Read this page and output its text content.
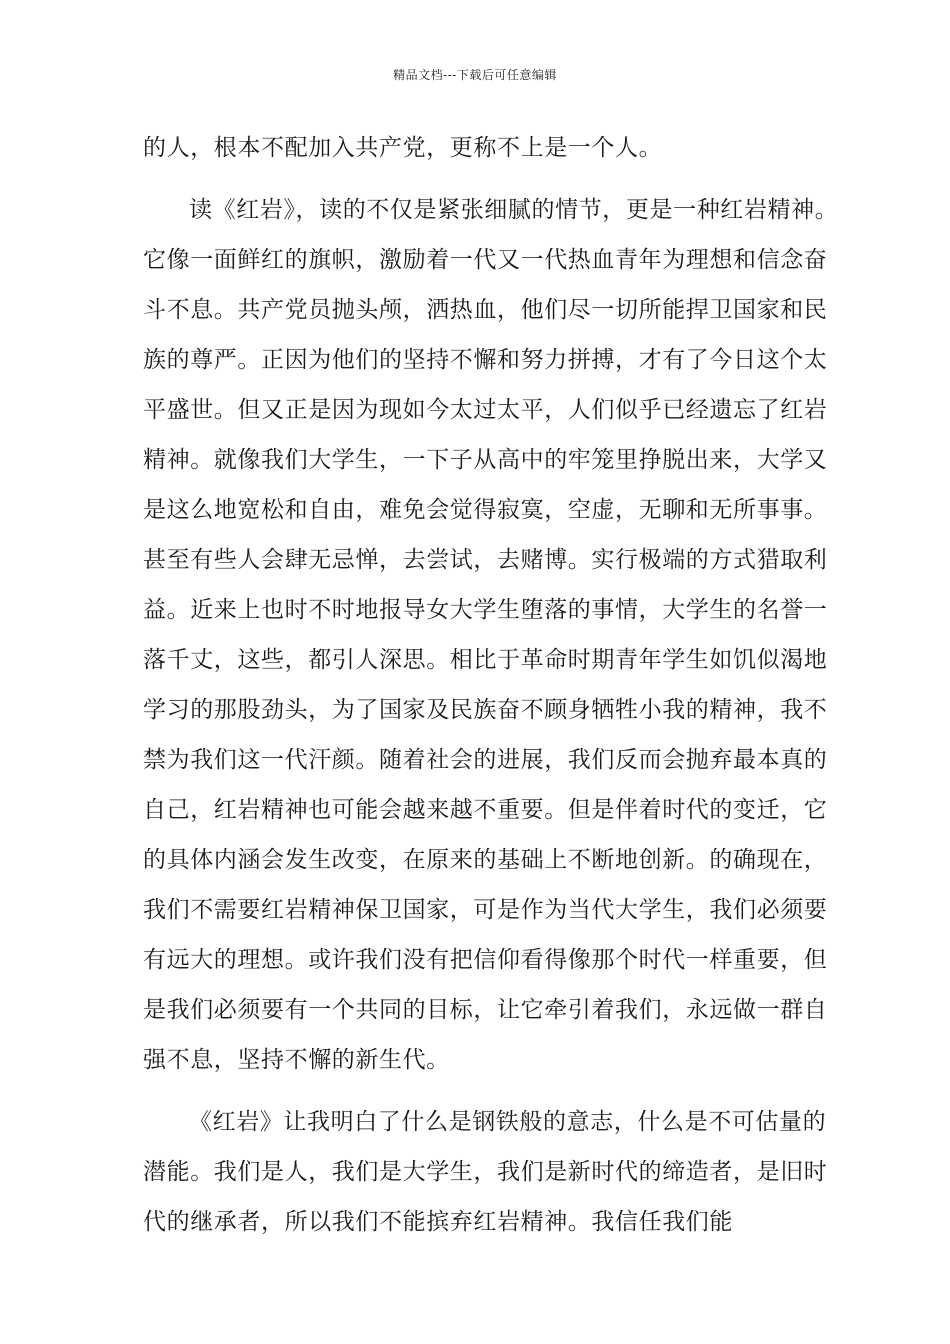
精品文档---下载后可任意编辑
的人，根本不配加入共产党，更称不上是一个人。
读《红岩》，读的不仅是紧张细腻的情节，更是一种红岩精神。
它像一面鲜红的旗帜，激励着一代又一代热血青年为理想和信念奋
斗不息。共产党员抛头颅，洒热血，他们尽一切所能捍卫国家和民
族的尊严。正因为他们的坚持不懈和努力拼搏，才有了今日这个太
平盛世。但又正是因为现如今太过太平，人们似乎已经遗忘了红岩
精神。就像我们大学生，一下子从高中的牢笼里挣脱出来，大学又
是这么地宽松和自由，难免会觉得寂寞，空虚，无聊和无所事事。
甚至有些人会肆无忌惮，去尝试，去赌博。实行极端的方式猎取利
益。近来上也时不时地报导女大学生堕落的事情，大学生的名誉一
落千丈，这些，都引人深思。相比于革命时期青年学生如饥似渴地
学习的那股劲头，为了国家及民族奋不顾身牺牲小我的精神，我不
禁为我们这一代汗颜。随着社会的进展，我们反而会抛弃最本真的
自己，红岩精神也可能会越来越不重要。但是伴着时代的变迁，它
的具体内涵会发生改变，在原来的基础上不断地创新。的确现在，
我们不需要红岩精神保卫国家，可是作为当代大学生，我们必须要
有远大的理想。或许我们没有把信仰看得像那个时代一样重要，但
是我们必须要有一个共同的目标，让它牵引着我们，永远做一群自
强不息，坚持不懈的新生代。
《红岩》让我明白了什么是钢铁般的意志，什么是不可估量的
潜能。我们是人，我们是大学生，我们是新时代的缔造者，是旧时
代的继承者，所以我们不能摈弃红岩精神。我信任我们能
